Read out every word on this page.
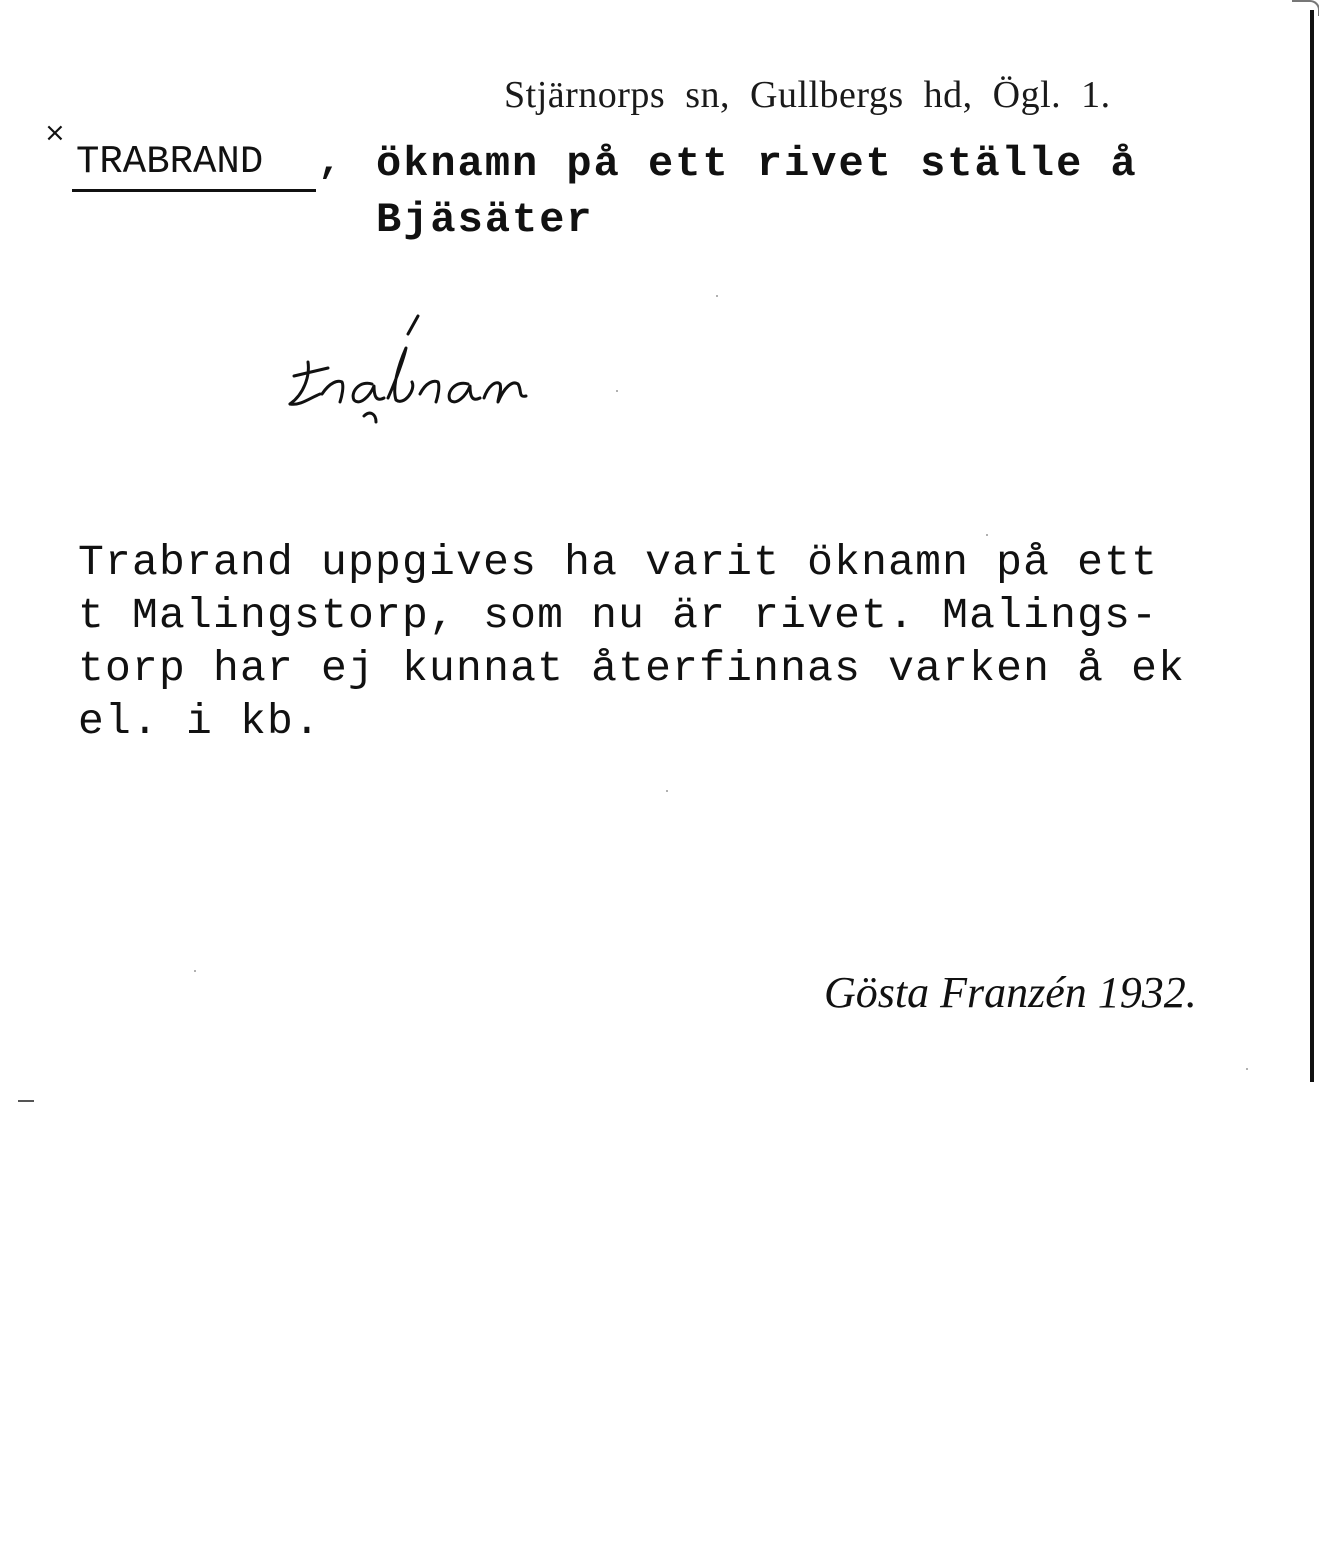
Stjärnorps sn, Gullbergs hd, Ögl. 1.
×
TRABRAND , öknamn på ett rivet ställe å
Bjäsäter
Trabrand uppgives ha varit öknamn på ett
t Malingstorp, som nu är rivet. Malings-
torp har ej kunnat återfinnas varken å ek
el. i kb.
Gösta Franzén 1932.
